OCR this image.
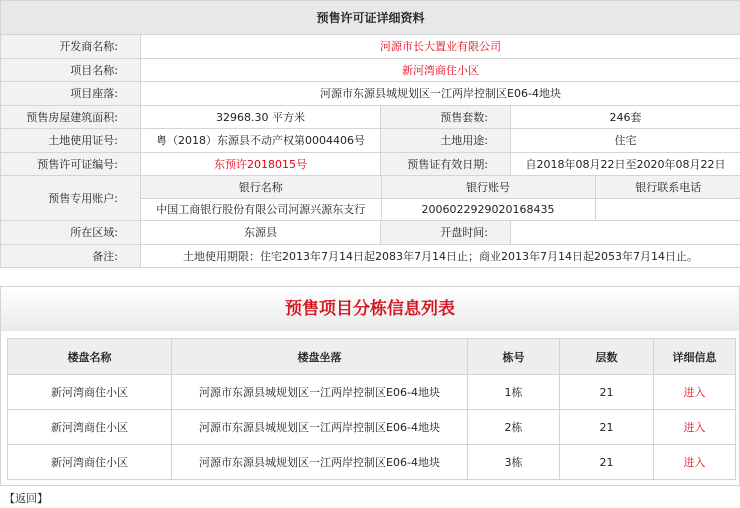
预售许可证详细资料
开发商名称:	河源市长大置业有限公司
项目名称:	新河湾商住小区
项目座落:	河源市东源县城规划区一江两岸控制区E06-4地块
预售房屋建筑面积:	32968.30 平方米	预售套数:	246套
土地使用证号:	粤（2018）东源县不动产权第0004406号	土地用途:	住宅
预售许可证编号:	东预许2018015号	预售证有效日期:	自2018年08月22日至2020年08月22日
预售专用账户:	
银行名称	银行账号	银行联系电话
中国工商银行股份有限公司河源兴源东支行	2006022929020168435	

所在区域:	东源县	开盘时间:	
备注:	土地使用期限：住宅2013年7月14日起2083年7月14日止；商业2013年7月14日起2053年7月14日止。
预售项目分栋信息列表
楼盘名称	楼盘坐落	栋号	层数	详细信息
新河湾商住小区	河源市东源县城规划区一江两岸控制区E06-4地块	1栋	21	进入
新河湾商住小区	河源市东源县城规划区一江两岸控制区E06-4地块	2栋	21	进入
新河湾商住小区	河源市东源县城规划区一江两岸控制区E06-4地块	3栋	21	进入
【返回】
